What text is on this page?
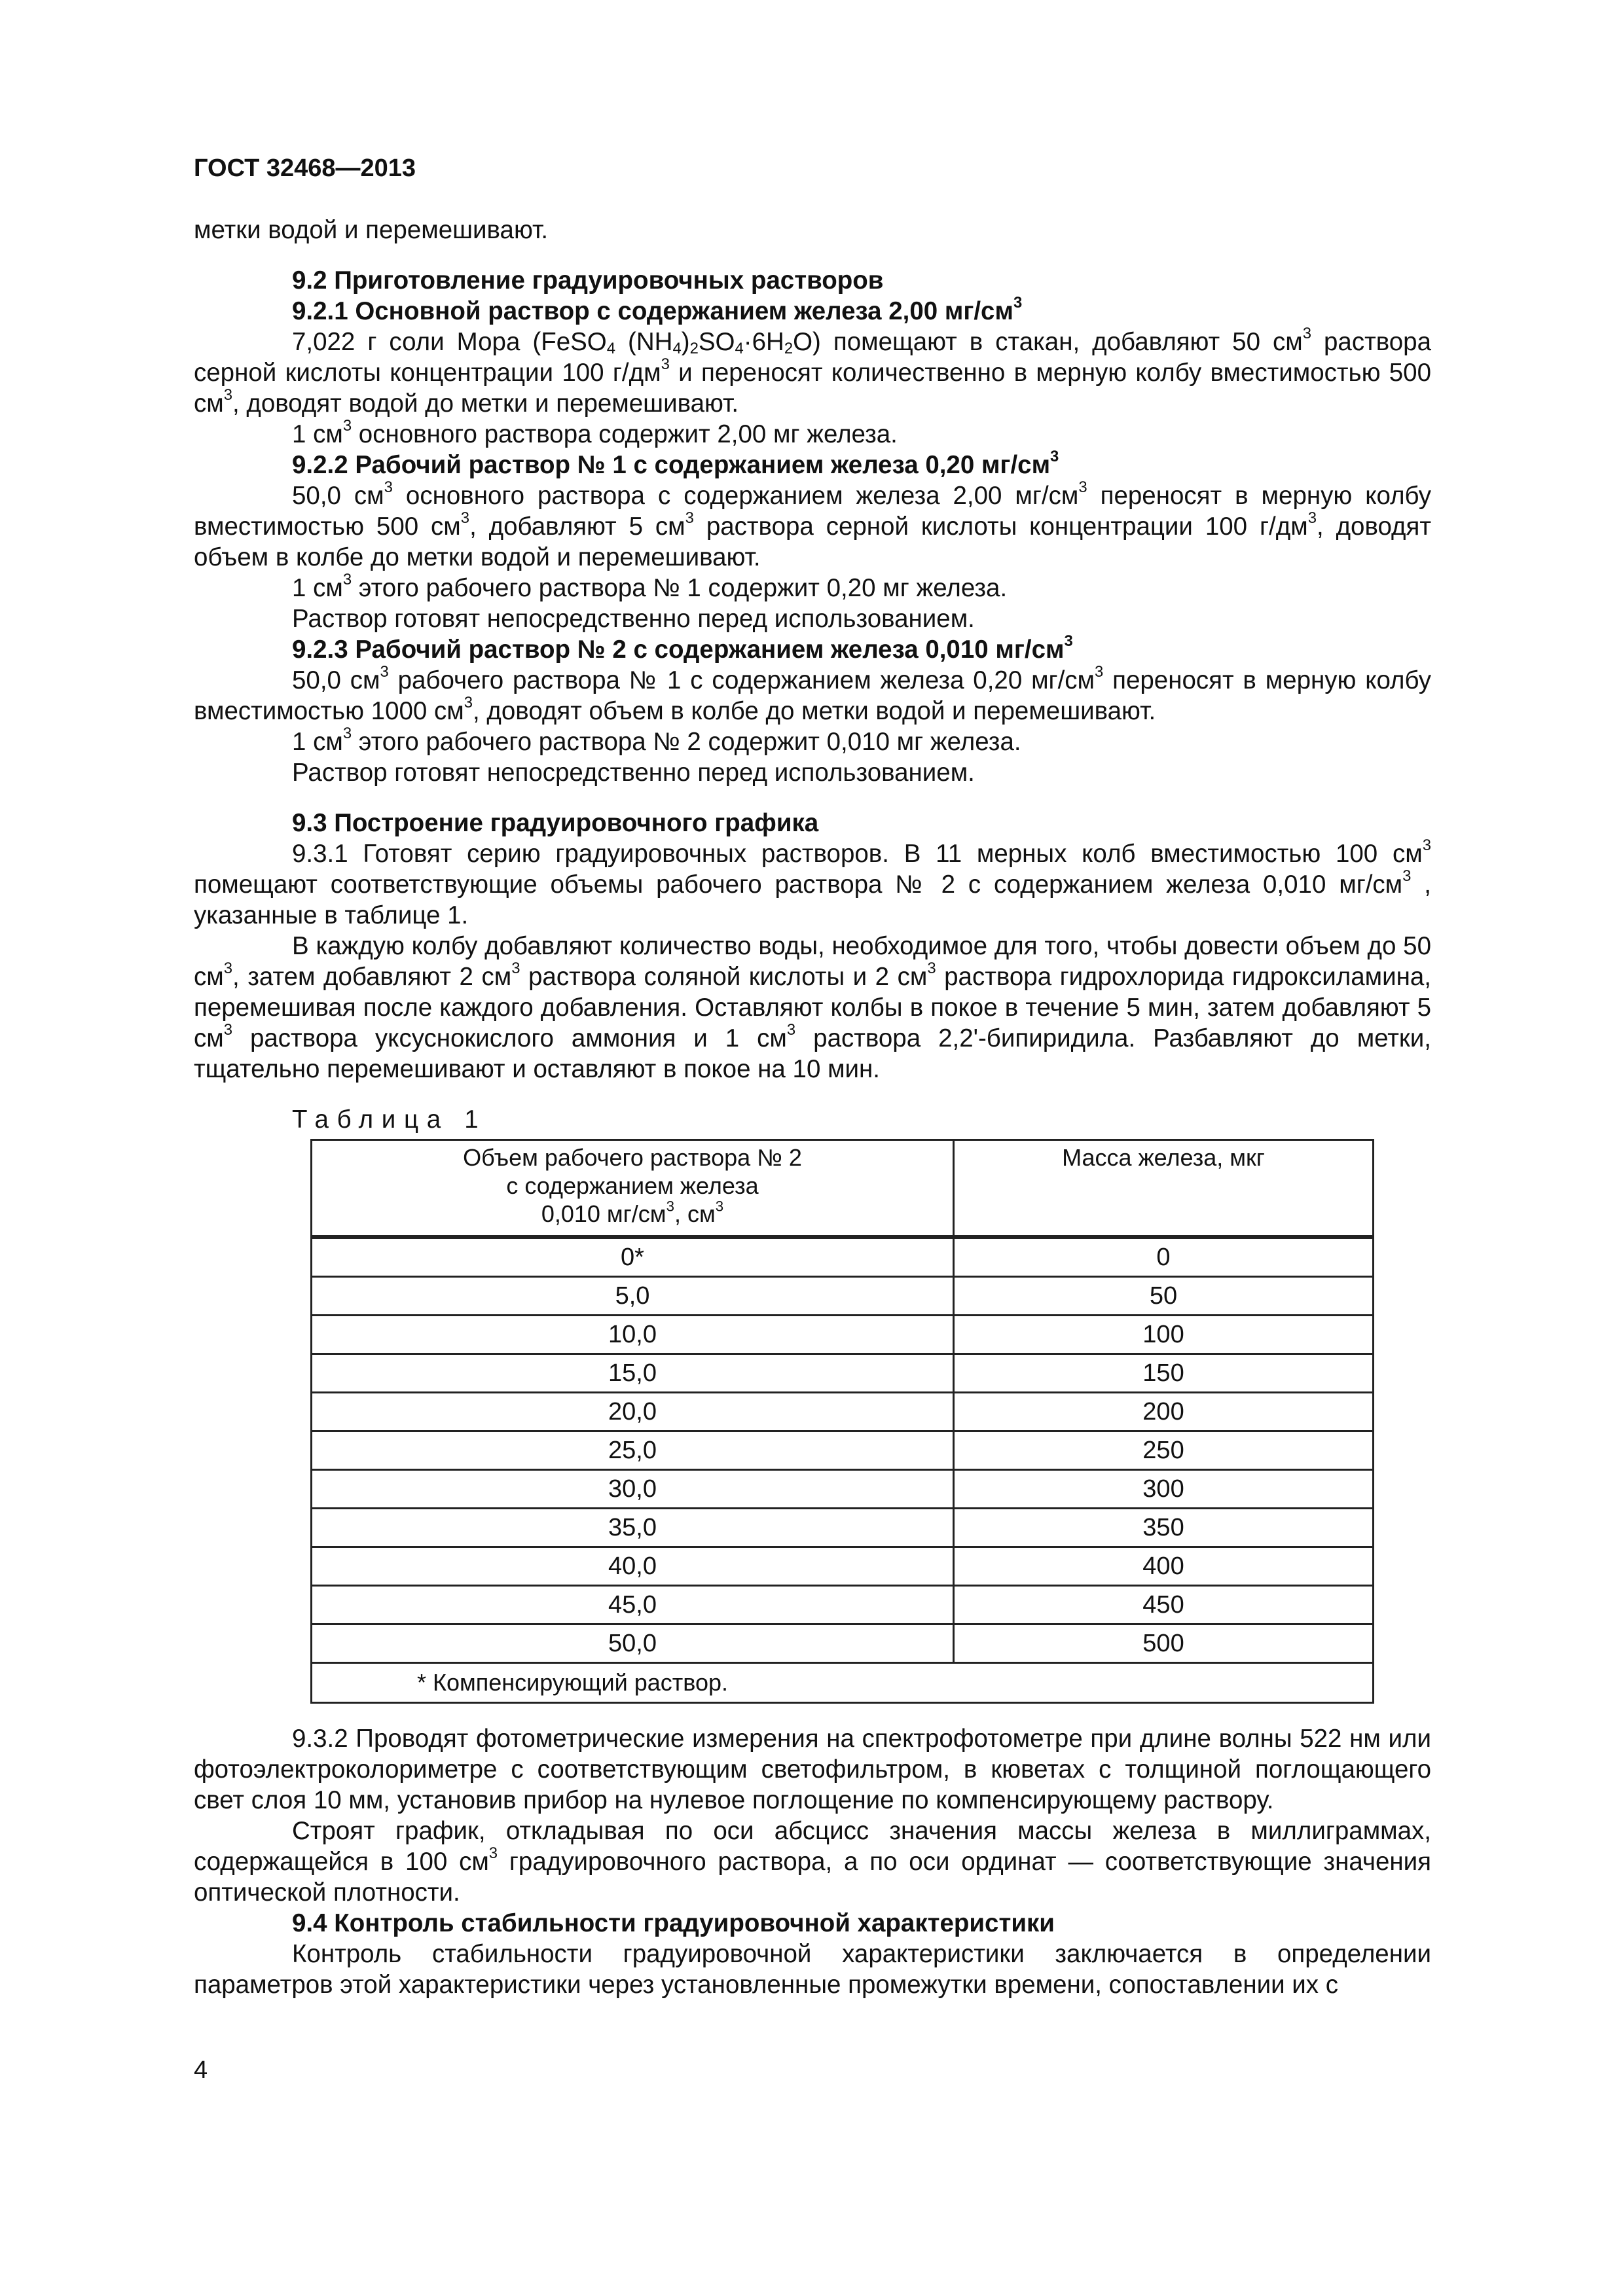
ГОСТ 32468—2013

метки водой и перемешивают.

9.2 Приготовление градуировочных растворов
9.2.1 Основной раствор с содержанием железа 2,00 $мг/см^3$

7,022 г соли Мора (FeSO$_4$ $(NH_4)_2SO_4\cdot 6H_2O$) помещают в стакан, добавляют 50 $см^3$ раствора серной кислоты концентрации 100 $г/дм^3$ и переносят количественно в мерную колбу вместимостью 500 $см^3$, доводят водой до метки и перемешивают.

1 $см^3$ основного раствора содержит 2,00 мг железа.

9.2.2 Рабочий раствор № 1 с содержанием железа 0,20 $мг/см^3$

50,0 $см^3$ основного раствора с содержанием железа 2,00 $мг/см^3$ переносят в мерную колбу вместимостью 500 $см^3$, добавляют 5 $см^3$ раствора серной кислоты концентрации 100 $г/дм^3$, доводят объем в колбе до метки водой и перемешивают.

1 $см^3$ этого рабочего раствора № 1 содержит 0,20 мг железа.

Раствор готовят непосредственно перед использованием.

9.2.3 Рабочий раствор № 2 с содержанием железа 0,010 $мг/см^3$

50,0 $см^3$ рабочего раствора № 1 с содержанием железа 0,20 $мг/см^3$ переносят в мерную колбу вместимостью 1000 $см^3$, доводят объем в колбе до метки водой и перемешивают.

1 $см^3$ этого рабочего раствора № 2 содержит 0,010 мг железа.

Раствор готовят непосредственно перед использованием.

9.3 Построение градуировочного графика

9.3.1 Готовят серию градуировочных растворов. В 11 мерных колб вместимостью 100 $см^3$ помещают соответствующие объемы рабочего раствора № 2 с содержанием железа 0,010 $мг/см^3$ , указанные в таблице 1.

В каждую колбу добавляют количество воды, необходимое для того, чтобы довести объем до 50 $см^3$, затем добавляют 2 $см^3$ раствора соляной кислоты и 2 $см^3$ раствора гидрохлорида гидроксиламина, перемешивая после каждого добавления. Оставляют колбы в покое в течение 5 мин, затем добавляют 5 $см^3$ раствора уксуснокислого аммония и 1 $см^3$ раствора 2,2'-бипиридила. Разбавляют до метки, тщательно перемешивают и оставляют в покое на 10 мин.

Таблица 1
Объем рабочего раствора № 2
с содержанием железа
0,010 $мг/см^3$, $см^3$	Масса железа, мкг
0*	0
5,0	50
10,0	100
15,0	150
20,0	200
25,0	250
30,0	300
35,0	350
40,0	400
45,0	450
50,0	500
* Компенсирующий раствор.	

9.3.2 Проводят фотометрические измерения на спектрофотометре при длине волны 522 нм или фотоэлектроколориметре с соответствующим светофильтром, в кюветах с толщиной поглощающего свет слоя 10 мм, установив прибор на нулевое поглощение по компенсирующему раствору.

Строят график, откладывая по оси абсцисс значения массы железа в миллиграммах, содержащейся в 100 $см^3$ градуировочного раствора, а по оси ординат — соответствующие значения оптической плотности.

9.4 Контроль стабильности градуировочной характеристики

Контроль стабильности градуировочной характеристики заключается в определении параметров этой характеристики через установленные промежутки времени, сопоставлении их с

4
